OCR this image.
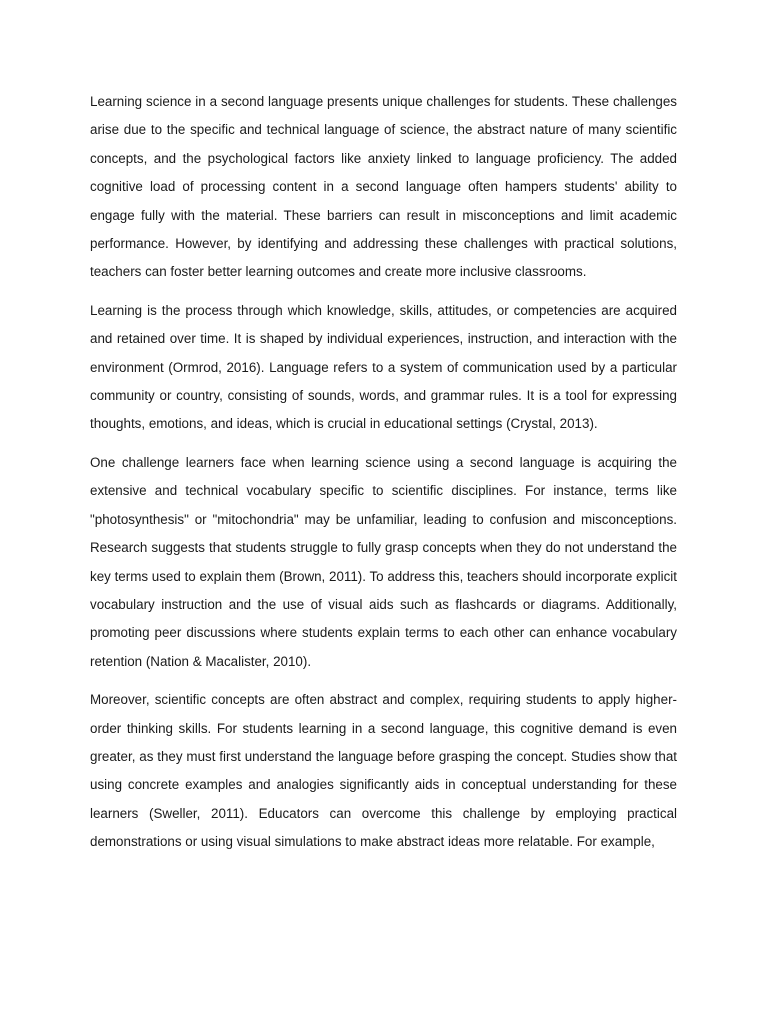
Learning science in a second language presents unique challenges for students. These challenges arise due to the specific and technical language of science, the abstract nature of many scientific concepts, and the psychological factors like anxiety linked to language proficiency. The added cognitive load of processing content in a second language often hampers students' ability to engage fully with the material. These barriers can result in misconceptions and limit academic performance. However, by identifying and addressing these challenges with practical solutions, teachers can foster better learning outcomes and create more inclusive classrooms.

Learning is the process through which knowledge, skills, attitudes, or competencies are acquired and retained over time. It is shaped by individual experiences, instruction, and interaction with the environment (Ormrod, 2016). Language refers to a system of communication used by a particular community or country, consisting of sounds, words, and grammar rules. It is a tool for expressing thoughts, emotions, and ideas, which is crucial in educational settings (Crystal, 2013).

One challenge learners face when learning science using a second language is acquiring the extensive and technical vocabulary specific to scientific disciplines. For instance, terms like "photosynthesis" or "mitochondria" may be unfamiliar, leading to confusion and misconceptions. Research suggests that students struggle to fully grasp concepts when they do not understand the key terms used to explain them (Brown, 2011). To address this, teachers should incorporate explicit vocabulary instruction and the use of visual aids such as flashcards or diagrams. Additionally, promoting peer discussions where students explain terms to each other can enhance vocabulary retention (Nation & Macalister, 2010).

Moreover, scientific concepts are often abstract and complex, requiring students to apply higher-order thinking skills. For students learning in a second language, this cognitive demand is even greater, as they must first understand the language before grasping the concept. Studies show that using concrete examples and analogies significantly aids in conceptual understanding for these learners (Sweller, 2011). Educators can overcome this challenge by employing practical demonstrations or using visual simulations to make abstract ideas more relatable. For example,
